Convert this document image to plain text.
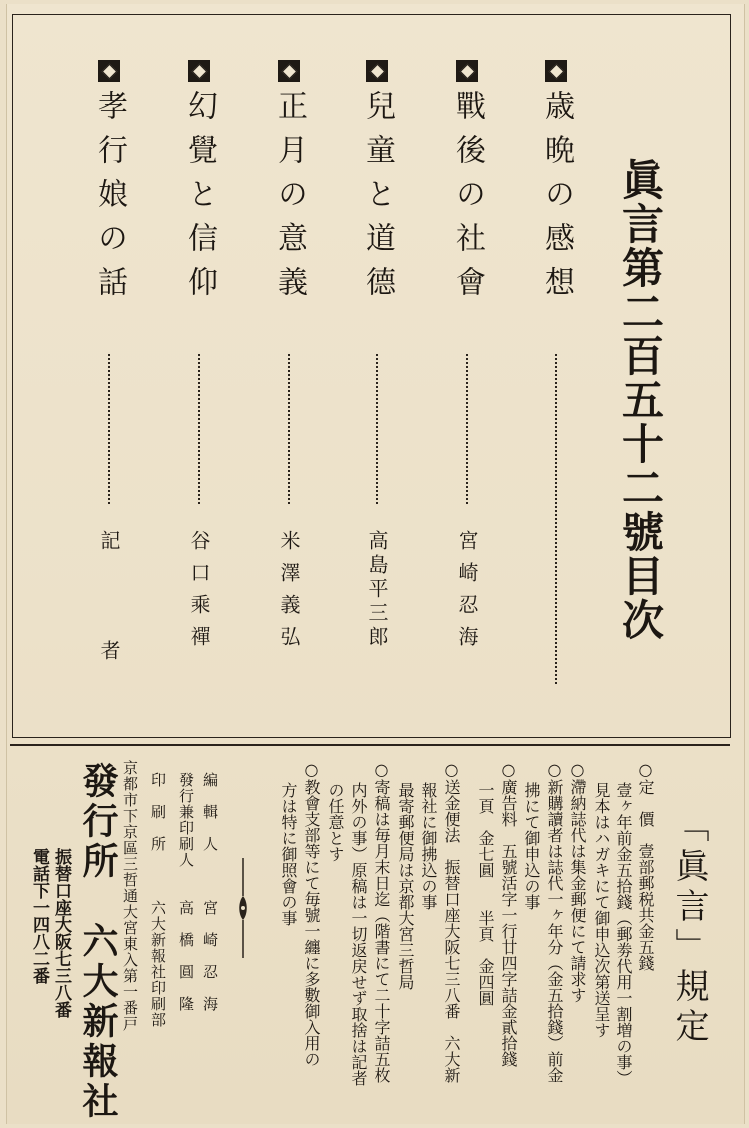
眞言第二百五十二號目次
歳晩の感想
戰後の社會
宮崎忍海
兒童と道德
高島平三郎
正月の意義
米澤義弘
幻覺と信仰
谷口乘禪
孝行娘の話
記者
「眞言」規定
○定　價　壹部郵税共金五錢
壹ヶ年前金五拾錢（郵劵代用一割増の事）
見本はハガキにて御申込次第送呈す
○滯納誌代は集金郵便にて請求す
○新購讀者は誌代一ヶ年分（金五拾錢）前金
拂にて御申込の事
○廣告料　五號活字一行廿四字詰金貳拾錢
一頁　金七圓　　半頁　金四圓
○送金便法　振替口座大阪七三八番　六大新
報社に御拂込の事
最寄郵便局は京都大宮三哲局
○寄稿は毎月末日迄（階書にて二十字詰五枚
内外の事）原稿は一切返戻せず取捨は記者
の任意とす
○教會支部等にて毎號一纏に多數御入用の
方は特に御照會の事
編　輯　人　　　宮　崎　忍　海
發行兼印刷人　　高　橋　圓　隆
印　刷　所　　　六大新報社印刷部
京都市下京區三哲通大宮東入第一番戸
發行所　六大新報社
振替口座大阪七三八番
電話下一四八二番
